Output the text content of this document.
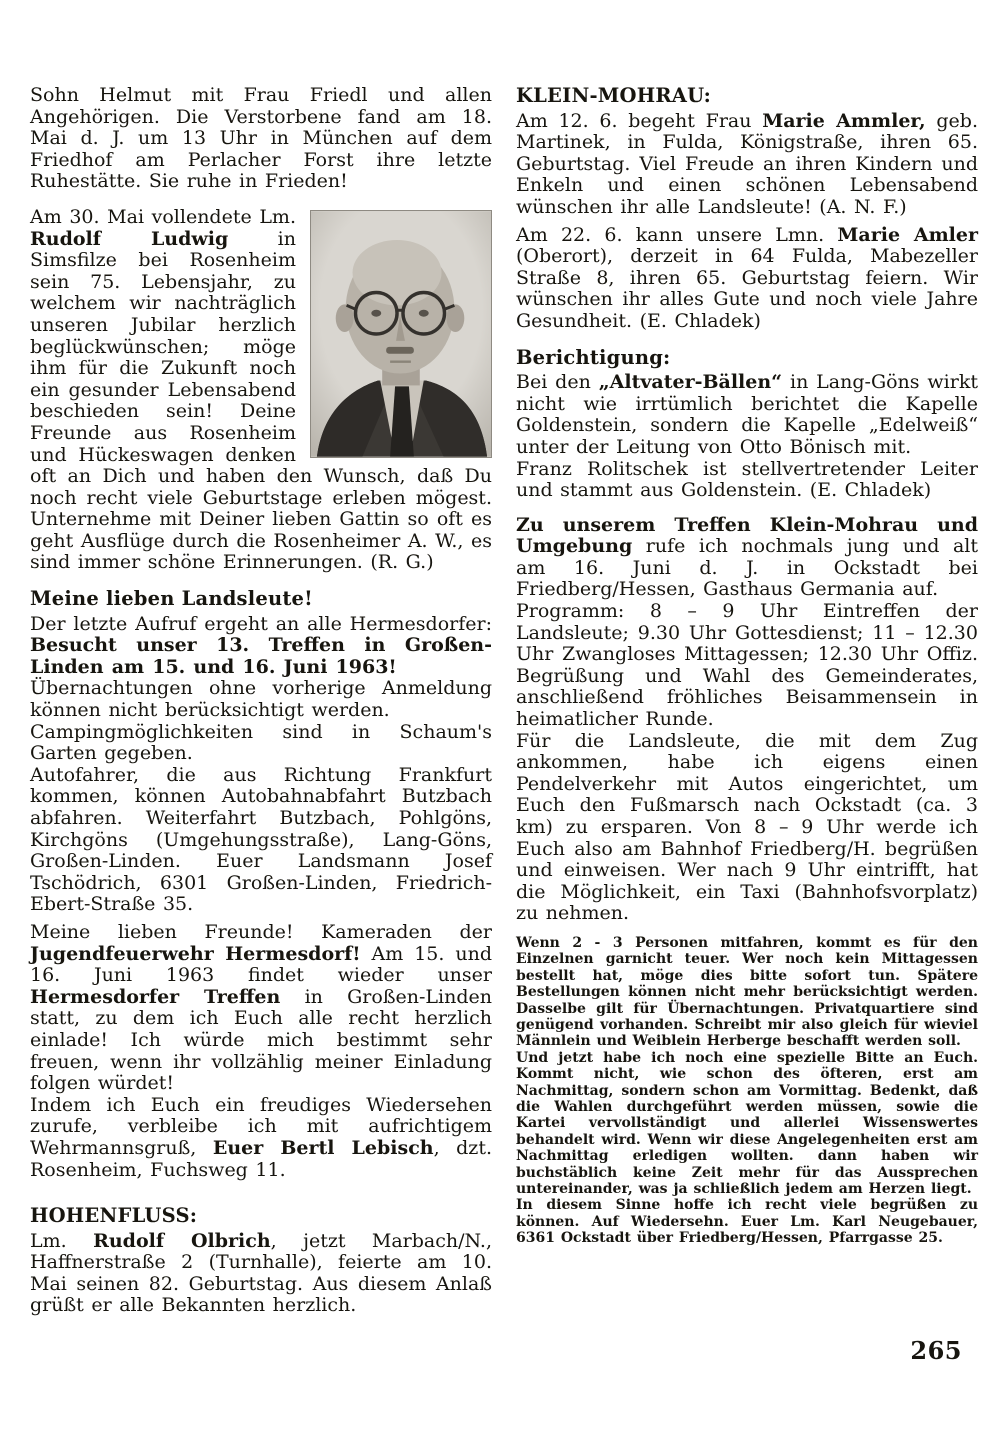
Sohn Helmut mit Frau Friedl und allen Angehörigen. Die Verstorbene fand am 18. Mai d. J. um 13 Uhr in München auf dem Friedhof am Perlacher Forst ihre letzte Ruhestätte. Sie ruhe in Frieden!

Am 30. Mai vollendete Lm. Rudolf Ludwig in Simsfilze bei Rosenheim sein 75. Lebensjahr, zu welchem wir nachträglich unseren Jubilar herzlich beglückwünschen; möge ihm für die Zukunft noch ein gesunder Lebensabend beschieden sein! Deine Freunde aus Rosenheim und Hückeswagen denken oft an Dich und haben den Wunsch, daß Du noch recht viele Geburtstage erleben mögest. Unternehme mit Deiner lieben Gattin so oft es geht Ausflüge durch die Rosenheimer A. W., es sind immer schöne Erinnerungen. (R. G.)

Meine lieben Landsleute!

Der letzte Aufruf ergeht an alle Hermesdorfer: Besucht unser 13. Treffen in Großen-Linden am 15. und 16. Juni 1963!

Übernachtungen ohne vorherige Anmeldung können nicht berücksichtigt werden.

Campingmöglichkeiten sind in Schaum's Garten gegeben.

Autofahrer, die aus Richtung Frankfurt kommen, können Autobahnabfahrt Butzbach abfahren. Weiterfahrt Butzbach, Pohlgöns, Kirchgöns (Umgehungsstraße), Lang-Göns, Großen-Linden. Euer Landsmann Josef Tschödrich, 6301 Großen-Linden, Friedrich-Ebert-Straße 35.

Meine lieben Freunde! Kameraden der Jugendfeuerwehr Hermesdorf! Am 15. und 16. Juni 1963 findet wieder unser Hermesdorfer Treffen in Großen-Linden statt, zu dem ich Euch alle recht herzlich einlade! Ich würde mich bestimmt sehr freuen, wenn ihr vollzählig meiner Einladung folgen würdet!

Indem ich Euch ein freudiges Wiedersehen zurufe, verbleibe ich mit aufrichtigem Wehrmannsgruß, Euer Bertl Lebisch, dzt. Rosenheim, Fuchsweg 11.

HOHENFLUSS:

Lm. Rudolf Olbrich, jetzt Marbach/N., Haffnerstraße 2 (Turnhalle), feierte am 10. Mai seinen 82. Geburtstag. Aus diesem Anlaß grüßt er alle Bekannten herzlich.

KLEIN-MOHRAU:

Am 12. 6. begeht Frau Marie Ammler, geb. Martinek, in Fulda, Königstraße, ihren 65. Geburtstag. Viel Freude an ihren Kindern und Enkeln und einen schönen Lebensabend wünschen ihr alle Landsleute! (A. N. F.)

Am 22. 6. kann unsere Lmn. Marie Amler (Oberort), derzeit in 64 Fulda, Mabezeller Straße 8, ihren 65. Geburtstag feiern. Wir wünschen ihr alles Gute und noch viele Jahre Gesundheit. (E. Chladek)

Berichtigung:

Bei den „Altvater-Bällen“ in Lang-Göns wirkt nicht wie irrtümlich berichtet die Kapelle Goldenstein, sondern die Kapelle „Edelweiß“ unter der Leitung von Otto Bönisch mit.

Franz Rolitschek ist stellvertretender Leiter und stammt aus Goldenstein. (E. Chladek)

Zu unserem Treffen Klein-Mohrau und Umgebung rufe ich nochmals jung und alt am 16. Juni d. J. in Ockstadt bei Friedberg/Hessen, Gasthaus Germania auf.

Programm: 8 – 9 Uhr Eintreffen der Landsleute; 9.30 Uhr Gottesdienst; 11 – 12.30 Uhr Zwangloses Mittagessen; 12.30 Uhr Offiz. Begrüßung und Wahl des Gemeinderates, anschließend fröhliches Beisammensein in heimatlicher Runde.

Für die Landsleute, die mit dem Zug ankommen, habe ich eigens einen Pendelverkehr mit Autos eingerichtet, um Euch den Fußmarsch nach Ockstadt (ca. 3 km) zu ersparen. Von 8 – 9 Uhr werde ich Euch also am Bahnhof Friedberg/H. begrüßen und einweisen. Wer nach 9 Uhr eintrifft, hat die Möglichkeit, ein Taxi (Bahnhofsvorplatz) zu nehmen.

Wenn 2 - 3 Personen mitfahren, kommt es für den Einzelnen garnicht teuer. Wer noch kein Mittagessen bestellt hat, möge dies bitte sofort tun. Spätere Bestellungen können nicht mehr berücksichtigt werden. Dasselbe gilt für Übernachtungen. Privatquartiere sind genügend vorhanden. Schreibt mir also gleich für wieviel Männlein und Weiblein Herberge beschafft werden soll.

Und jetzt habe ich noch eine spezielle Bitte an Euch. Kommt nicht, wie schon des öfteren, erst am Nachmittag, sondern schon am Vormittag. Bedenkt, daß die Wahlen durchgeführt werden müssen, sowie die Kartei vervollständigt und allerlei Wissenswertes behandelt wird. Wenn wir diese Angelegenheiten erst am Nachmittag erledigen wollten. dann haben wir buchstäblich keine Zeit mehr für das Aussprechen untereinander, was ja schließlich jedem am Herzen liegt.

In diesem Sinne hoffe ich recht viele begrüßen zu können. Auf Wiedersehn. Euer Lm. Karl Neugebauer, 6361 Ockstadt über Friedberg/Hessen, Pfarrgasse 25.

265
